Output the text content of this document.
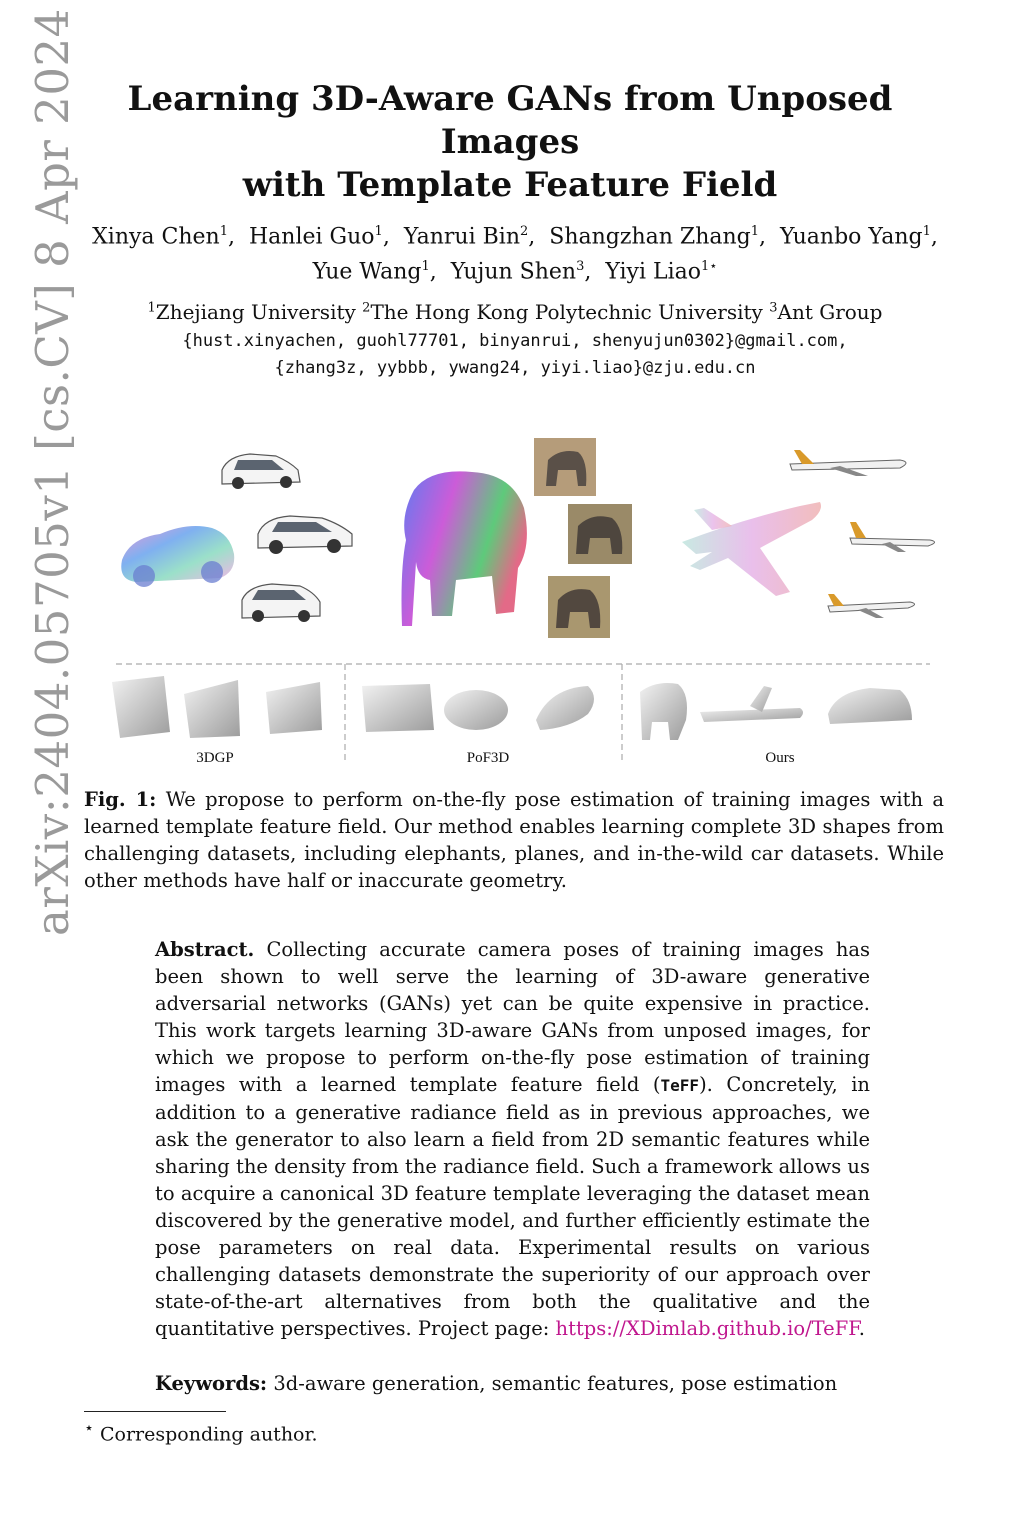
arXiv:2404.05705v1 [cs.CV] 8 Apr 2024	Learning 3D-Aware GANs from Unposed Images
with Template Feature Field
Xinya Chen$^1$,  Hanlei Guo$^1$,  Yanrui Bin$^2$,  Shangzhan Zhang$^1$,  Yuanbo Yang$^1$,
Yue Wang$^1$,  Yujun Shen$^3$,  Yiyi Liao$^{1⋆}$
$^1$Zhejiang University $^2$The Hong Kong Polytechnic University $^3$Ant Group
{hust.xinyachen, guohl77701, binyanrui, shenyujun0302}@gmail.com,
{zhang3z, yybbb, ywang24, yiyi.liao}@zju.edu.cn
3DGP	PoF3D	Ours
Fig. 1: We propose to perform on-the-fly pose estimation of training images with a learned template feature field. Our method enables learning complete 3D shapes from challenging datasets, including elephants, planes, and in-the-wild car datasets. While other methods have half or inaccurate geometry.
Abstract. Collecting accurate camera poses of training images has been shown to well serve the learning of 3D-aware generative adversarial networks (GANs) yet can be quite expensive in practice. This work targets learning 3D-aware GANs from unposed images, for which we propose to perform on-the-fly pose estimation of training images with a learned template feature field (TeFF). Concretely, in addition to a generative radiance field as in previous approaches, we ask the generator to also learn a field from 2D semantic features while sharing the density from the radiance field. Such a framework allows us to acquire a canonical 3D feature template leveraging the dataset mean discovered by the generative model, and further efficiently estimate the pose parameters on real data. Experimental results on various challenging datasets demonstrate the superiority of our approach over state-of-the-art alternatives from both the qualitative and the quantitative perspectives. Project page: https://XDimlab.github.io/TeFF.
Keywords: 3d-aware generation, semantic features, pose estimation
⋆ Corresponding author.
